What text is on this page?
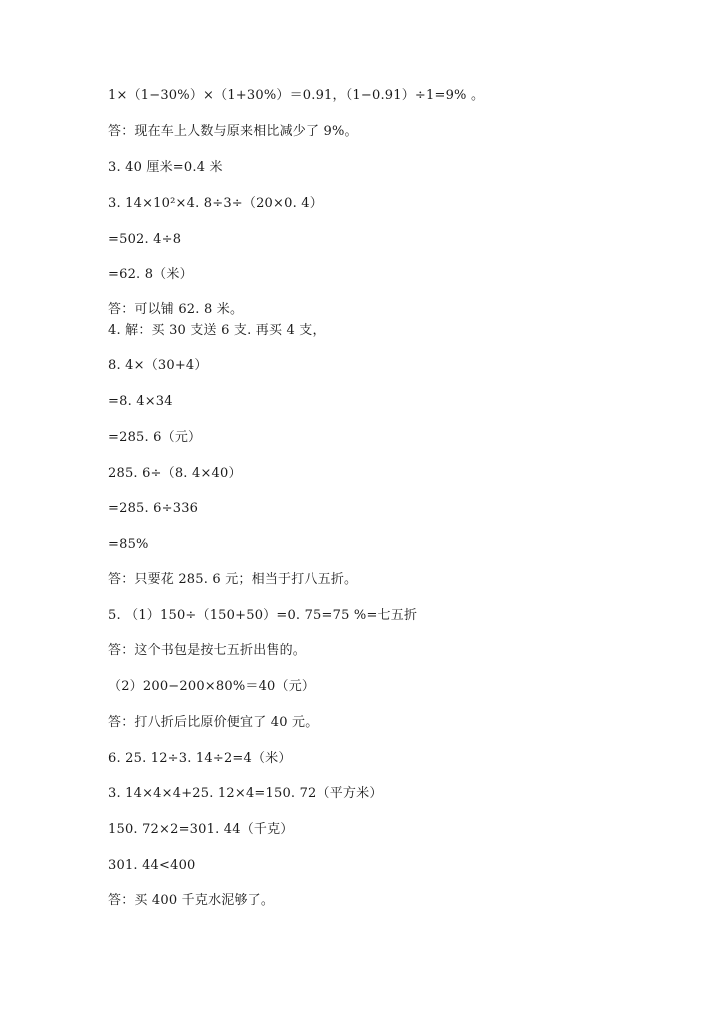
1×（1−30%）×（1+30%）＝0.91，（1−0.91）÷1=9% 。
答：现在车上人数与原来相比减少了 9%。
3. 40 厘米=0.4 米
3. 14×10²×4. 8÷3÷（20×0. 4）
=502. 4÷8
=62. 8（米）
答：可以铺 62. 8 米。
4. 解：买 30 支送 6 支. 再买 4 支，
8. 4×（30+4）
=8. 4×34
=285. 6（元）
285. 6÷（8. 4×40）
=285. 6÷336
=85%
答：只要花 285. 6 元；相当于打八五折。
5. （1）150÷（150+50）=0. 75=75 %=七五折
答：这个书包是按七五折出售的。
（2）200−200×80%＝40（元）
答：打八折后比原价便宜了 40 元。
6. 25. 12÷3. 14÷2=4（米）
3. 14×4×4+25. 12×4=150. 72（平方米）
150. 72×2=301. 44（千克）
301. 44<400
答：买 400 千克水泥够了。
